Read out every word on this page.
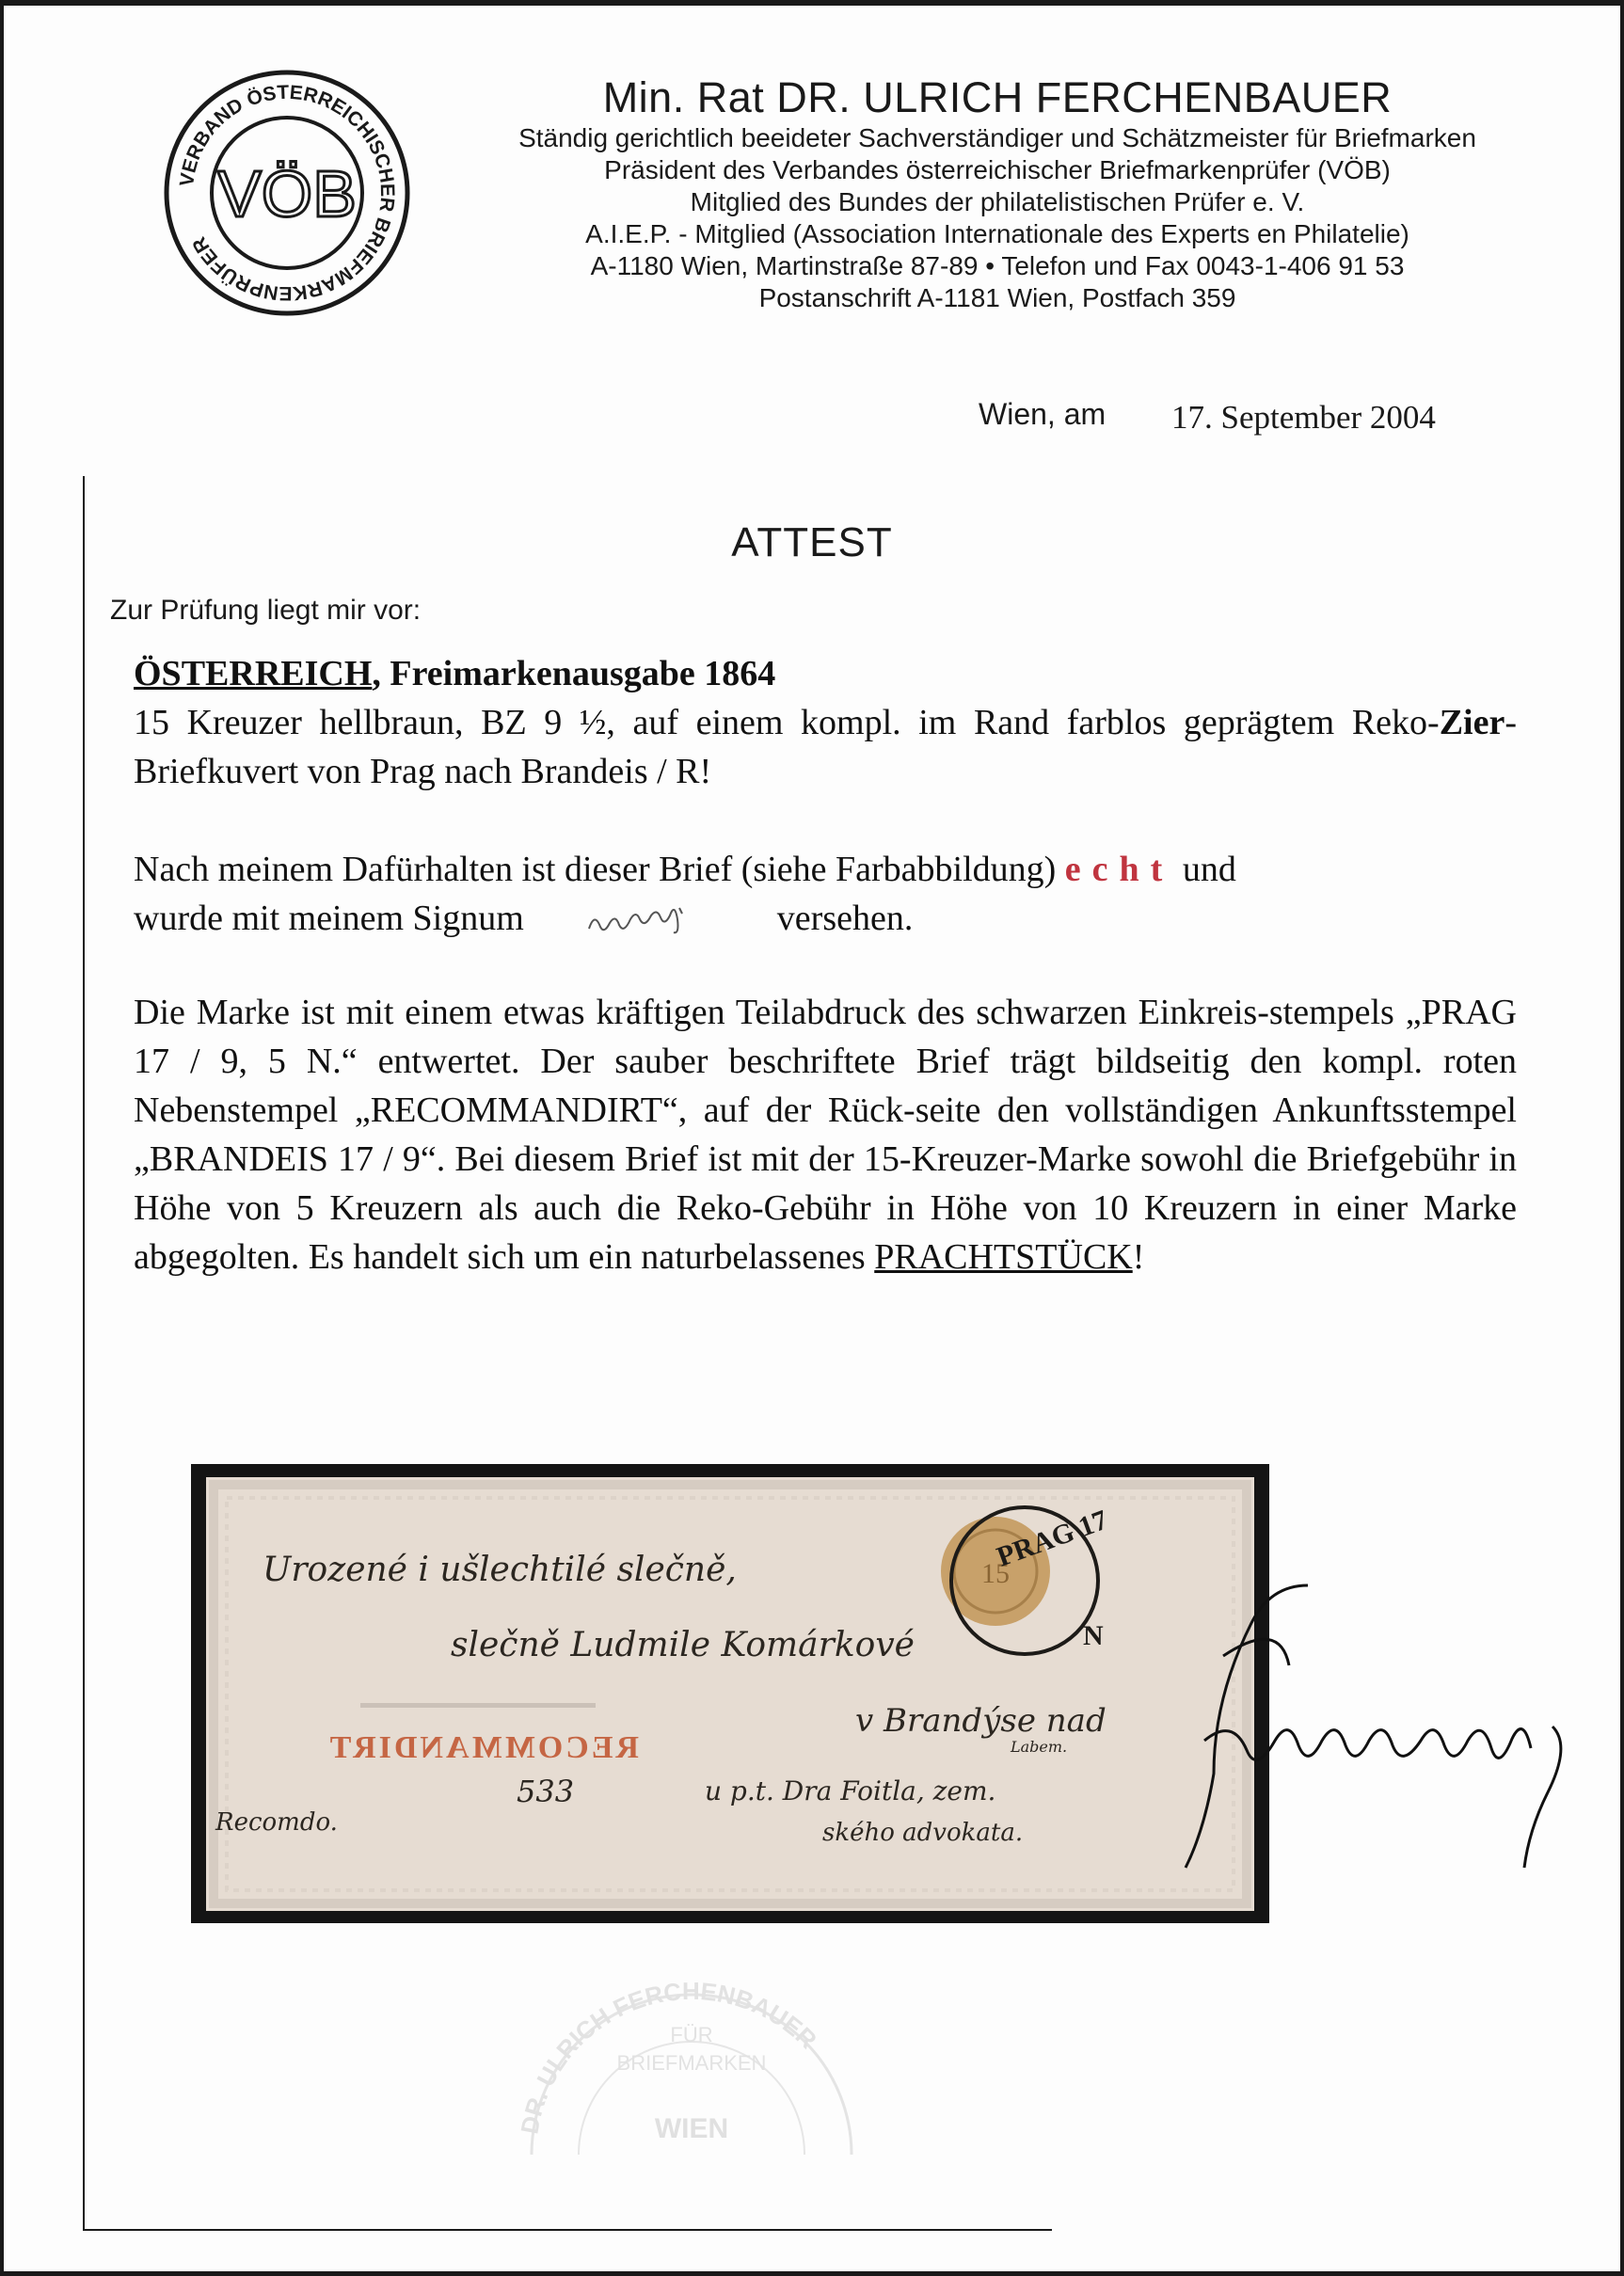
VERBAND ÖSTERREICHISCHER BRIEFMARKENPRÜFER
VÖB
Min. Rat DR. ULRICH FERCHENBAUER
Ständig gerichtlich beeideter Sachverständiger und Schätzmeister für Briefmarken
Präsident des Verbandes österreichischer Briefmarkenprüfer (VÖB)
Mitglied des Bundes der philatelistischen Prüfer e. V.
A.I.E.P. - Mitglied (Association Internationale des Experts en Philatelie)
A-1180 Wien, Martinstraße 87-89 • Telefon und Fax 0043-1-406 91 53
Postanschrift A-1181 Wien, Postfach 359
Wien, am 17. September 2004
ATTEST
Zur Prüfung liegt mir vor:
ÖSTERREICH, Freimarkenausgabe 1864
15 Kreuzer hellbraun, BZ 9 ½, auf einem kompl. im Rand farblos geprägtem Reko-Zier-Briefkuvert von Prag nach Brandeis / R!
Nach meinem Dafürhalten ist dieser Brief (siehe Farbabbildung) echt und
wurde mit meinem Signum	versehen.
Die Marke ist mit einem etwas kräftigen Teilabdruck des schwarzen Einkreis-stempels „PRAG 17 / 9, 5 N.“ entwertet. Der sauber beschriftete Brief trägt bildseitig den kompl. roten Nebenstempel „RECOMMANDIRT“, auf der Rück-seite den vollständigen Ankunftsstempel „BRANDEIS 17 / 9“. Bei diesem Brief ist mit der 15-Kreuzer-Marke sowohl die Briefgebühr in Höhe von 5 Kreuzern als auch die Reko-Gebühr in Höhe von 10 Kreuzern in einer Marke abgegolten. Es handelt sich um ein naturbelassenes PRACHTSTÜCK!
Urozené i ušlechtilé slečně,
slečně Ludmile Komárkové
v Brandýse nad
Labem.
u p.t. Dra Foitla, zem.
ského advokata.
Recomdo.
533
RECOMMANDIRT
15
PRAG 17
N
DR. ULRICH FERCHENBAUER
FÜR
BRIEFMARKEN
WIEN
